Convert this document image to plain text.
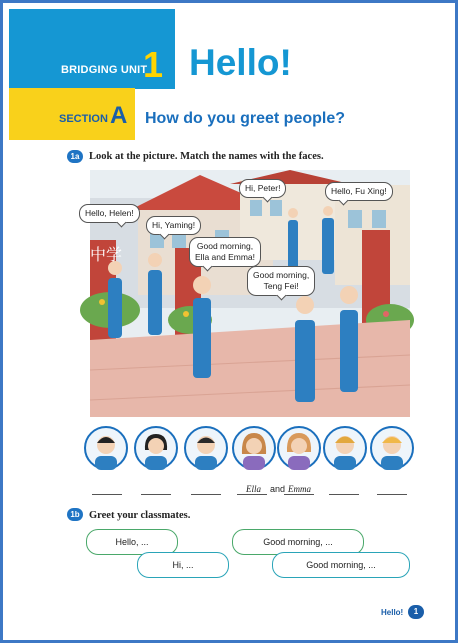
BRIDGING UNIT
1 Hello!
SECTION A How do you greet people?
1a Look at the picture. Match the names with the faces.
中学
Hello, Helen!
Hi, Yaming!
Hi, Peter!	Hello, Fu Xing!
Good morning,
Ella and Emma!
Good morning,
Teng Fei!
Ella and Emma
1b Greet your classmates.
Hello, ...
Hi, ...
Good morning, ...
Good morning, ...
Hello!	1
